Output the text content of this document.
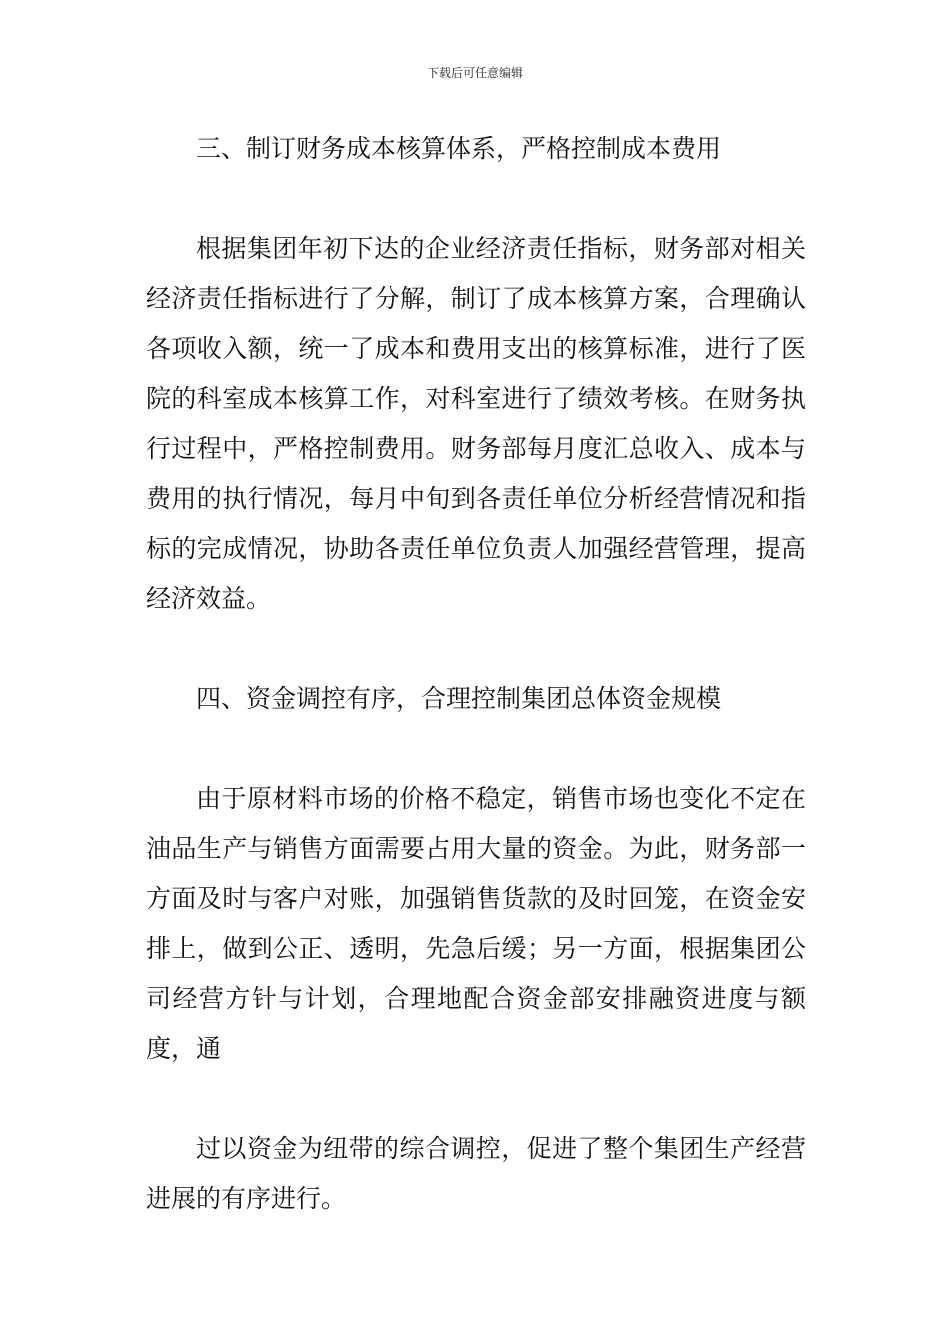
下载后可任意编辑

三、制订财务成本核算体系，严格控制成本费用

根据集团年初下达的企业经济责任指标，财务部对相关经济责任指标进行了分解，制订了成本核算方案，合理确认各项收入额，统一了成本和费用支出的核算标准，进行了医院的科室成本核算工作，对科室进行了绩效考核。在财务执行过程中，严格控制费用。财务部每月度汇总收入、成本与费用的执行情况，每月中旬到各责任单位分析经营情况和指标的完成情况，协助各责任单位负责人加强经营管理，提高经济效益。

四、资金调控有序，合理控制集团总体资金规模

由于原材料市场的价格不稳定，销售市场也变化不定在油品生产与销售方面需要占用大量的资金。为此，财务部一方面及时与客户对账，加强销售货款的及时回笼，在资金安排上，做到公正、透明，先急后缓；另一方面，根据集团公司经营方针与计划，合理地配合资金部安排融资进度与额度，通

过以资金为纽带的综合调控，促进了整个集团生产经营进展的有序进行。
